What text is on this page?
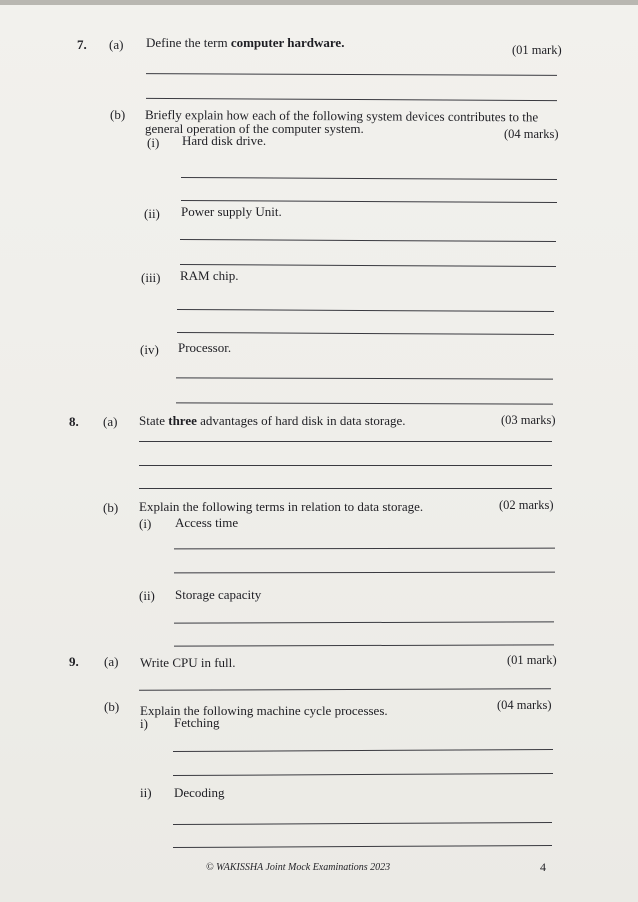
7. (a) Define the term computer hardware.	(01 mark)
(b) Briefly explain how each of the following system devices contributes to the
general operation of the computer system.	(04 marks)
(i) Hard disk drive.
(ii) Power supply Unit.
(iii) RAM chip.
(iv) Processor.
8. (a) State three advantages of hard disk in data storage.	(03 marks)
(b) Explain the following terms in relation to data storage.	(02 marks)
(i) Access time
(ii) Storage capacity
9. (a) Write CPU in full.	(01 mark)
(b) Explain the following machine cycle processes.	(04 marks)
i) Fetching
ii) Decoding
© WAKISSHA Joint Mock Examinations 2023	4
